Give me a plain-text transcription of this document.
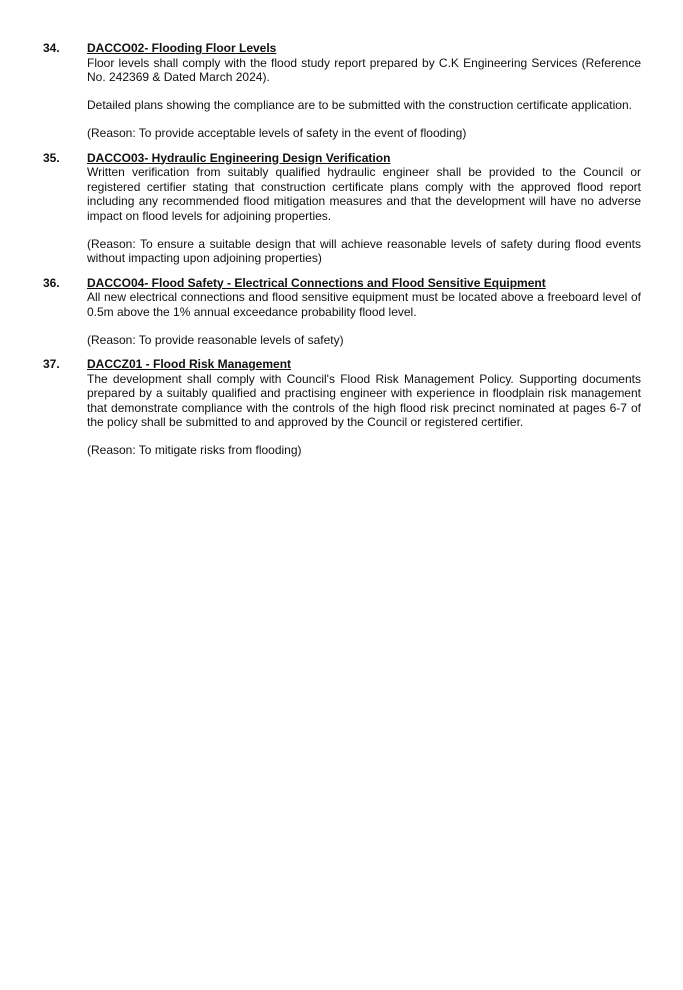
34. DACCO02- Flooding Floor Levels

Floor levels shall comply with the flood study report prepared by C.K Engineering Services (Reference No. 242369 & Dated March 2024).

Detailed plans showing the compliance are to be submitted with the construction certificate application.

(Reason: To provide acceptable levels of safety in the event of flooding)

35. DACCO03- Hydraulic Engineering Design Verification

Written verification from suitably qualified hydraulic engineer shall be provided to the Council or registered certifier stating that construction certificate plans comply with the approved flood report including any recommended flood mitigation measures and that the development will have no adverse impact on flood levels for adjoining properties.

(Reason: To ensure a suitable design that will achieve reasonable levels of safety during flood events without impacting upon adjoining properties)

36. DACCO04- Flood Safety - Electrical Connections and Flood Sensitive Equipment

All new electrical connections and flood sensitive equipment must be located above a freeboard level of 0.5m above the 1% annual exceedance probability flood level.

(Reason: To provide reasonable levels of safety)

37. DACCZ01 - Flood Risk Management

The development shall comply with Council's Flood Risk Management Policy. Supporting documents prepared by a suitably qualified and practising engineer with experience in floodplain risk management that demonstrate compliance with the controls of the high flood risk precinct nominated at pages 6-7 of the policy shall be submitted to and approved by the Council or registered certifier.

(Reason: To mitigate risks from flooding)
